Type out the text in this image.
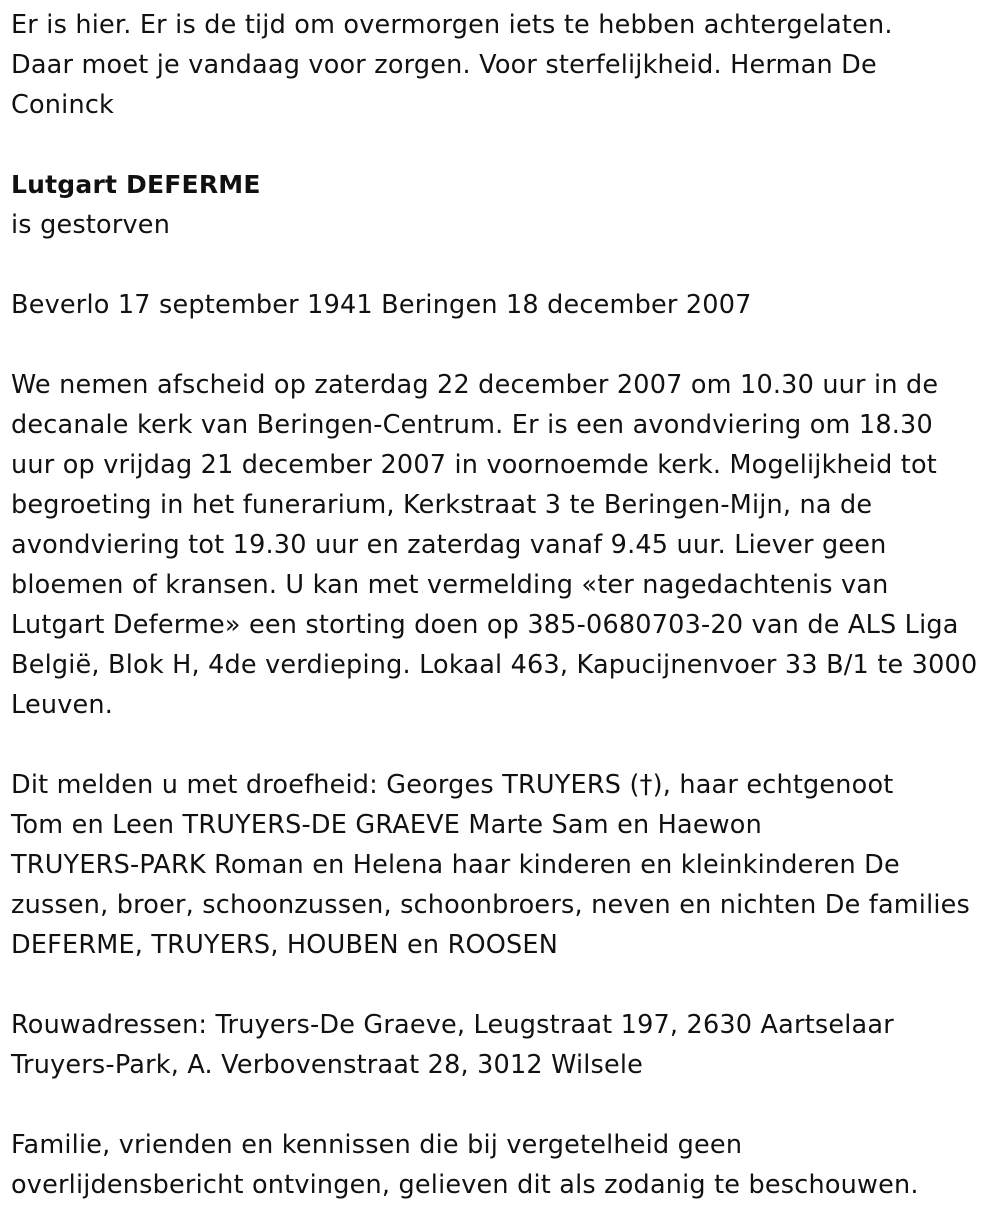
Er is hier. Er is de tijd om overmorgen iets te hebben achtergelaten.
Daar moet je vandaag voor zorgen. Voor sterfelijkheid. Herman De
Coninck

Lutgart DEFERME

is gestorven

Beverlo 17 september 1941 Beringen 18 december 2007

We nemen afscheid op zaterdag 22 december 2007 om 10.30 uur in de
decanale kerk van Beringen-Centrum. Er is een avondviering om 18.30
uur op vrijdag 21 december 2007 in voornoemde kerk. Mogelijkheid tot
begroeting in het funerarium, Kerkstraat 3 te Beringen-Mijn, na de
avondviering tot 19.30 uur en zaterdag vanaf 9.45 uur. Liever geen
bloemen of kransen. U kan met vermelding «ter nagedachtenis van
Lutgart Deferme» een storting doen op 385-0680703-20 van de ALS Liga
België, Blok H, 4de verdieping. Lokaal 463, Kapucijnenvoer 33 B/1 te 3000
Leuven.

Dit melden u met droefheid: Georges TRUYERS (†), haar echtgenoot
Tom en Leen TRUYERS-DE GRAEVE Marte Sam en Haewon
TRUYERS-PARK Roman en Helena haar kinderen en kleinkinderen De
zussen, broer, schoonzussen, schoonbroers, neven en nichten De families
DEFERME, TRUYERS, HOUBEN en ROOSEN

Rouwadressen: Truyers-De Graeve, Leugstraat 197, 2630 Aartselaar
Truyers-Park, A. Verbovenstraat 28, 3012 Wilsele

Familie, vrienden en kennissen die bij vergetelheid geen
overlijdensbericht ontvingen, gelieven dit als zodanig te beschouwen.
